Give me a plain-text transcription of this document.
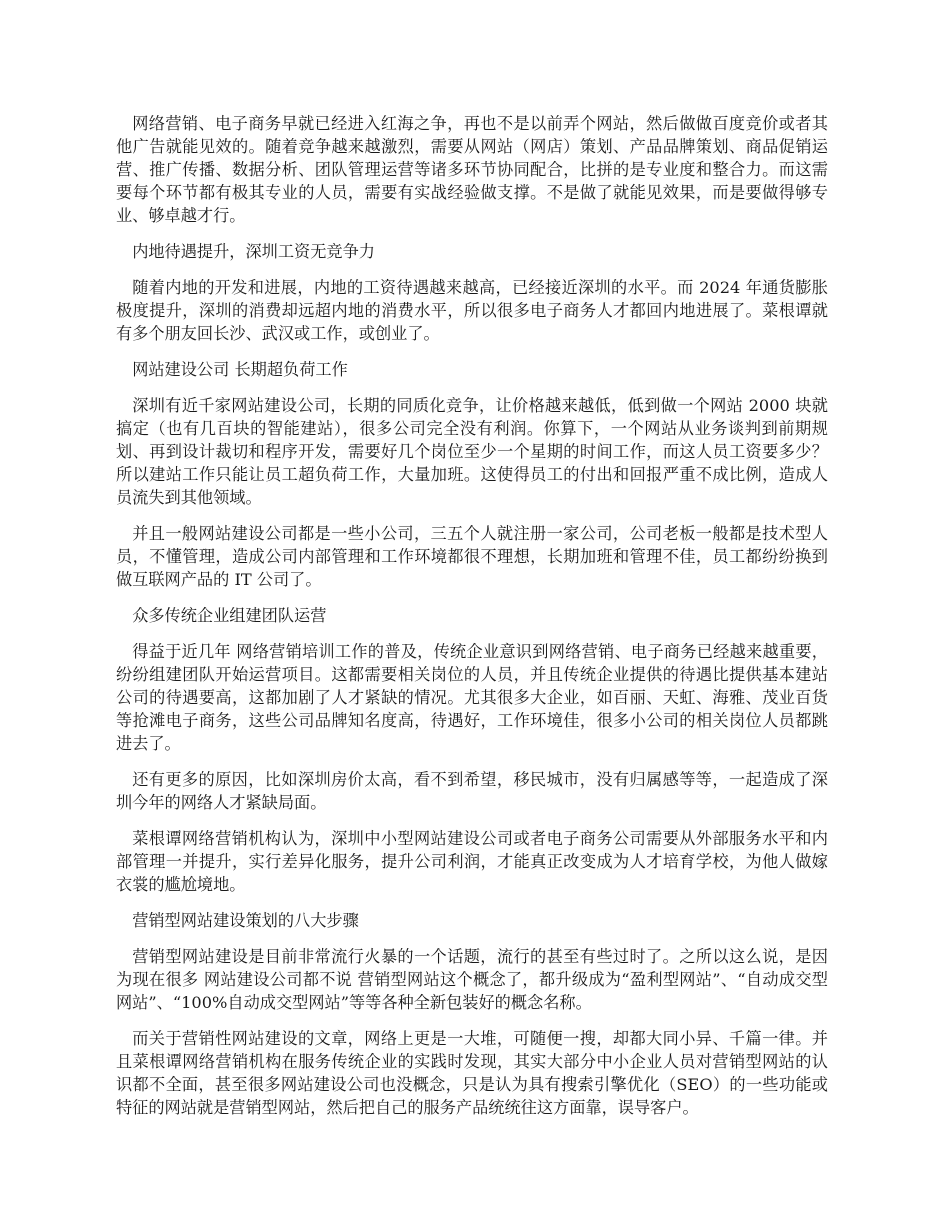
网络营销、电子商务早就已经进入红海之争，再也不是以前弄个网站，然后做做百度竞价或者其他广告就能见效的。随着竞争越来越激烈，需要从网站（网店）策划、产品品牌策划、商品促销运营、推广传播、数据分析、团队管理运营等诸多环节协同配合，比拼的是专业度和整合力。而这需要每个环节都有极其专业的人员，需要有实战经验做支撑。不是做了就能见效果，而是要做得够专业、够卓越才行。

内地待遇提升，深圳工资无竞争力

随着内地的开发和进展，内地的工资待遇越来越高，已经接近深圳的水平。而 2024 年通货膨胀极度提升，深圳的消费却远超内地的消费水平，所以很多电子商务人才都回内地进展了。菜根谭就有多个朋友回长沙、武汉或工作，或创业了。

网站建设公司 长期超负荷工作

深圳有近千家网站建设公司，长期的同质化竞争，让价格越来越低，低到做一个网站 2000 块就搞定（也有几百块的智能建站），很多公司完全没有利润。你算下，一个网站从业务谈判到前期规划、再到设计裁切和程序开发，需要好几个岗位至少一个星期的时间工作，而这人员工资要多少？所以建站工作只能让员工超负荷工作，大量加班。这使得员工的付出和回报严重不成比例，造成人员流失到其他领域。

并且一般网站建设公司都是一些小公司，三五个人就注册一家公司，公司老板一般都是技术型人员，不懂管理，造成公司内部管理和工作环境都很不理想，长期加班和管理不佳，员工都纷纷换到做互联网产品的 IT 公司了。

众多传统企业组建团队运营

得益于近几年 网络营销培训工作的普及，传统企业意识到网络营销、电子商务已经越来越重要，纷纷组建团队开始运营项目。这都需要相关岗位的人员，并且传统企业提供的待遇比提供基本建站公司的待遇要高，这都加剧了人才紧缺的情况。尤其很多大企业，如百丽、天虹、海雅、茂业百货等抢滩电子商务，这些公司品牌知名度高，待遇好，工作环境佳，很多小公司的相关岗位人员都跳进去了。

还有更多的原因，比如深圳房价太高，看不到希望，移民城市，没有归属感等等，一起造成了深圳今年的网络人才紧缺局面。

菜根谭网络营销机构认为，深圳中小型网站建设公司或者电子商务公司需要从外部服务水平和内部管理一并提升，实行差异化服务，提升公司利润，才能真正改变成为人才培育学校，为他人做嫁衣裳的尴尬境地。

营销型网站建设策划的八大步骤

营销型网站建设是目前非常流行火暴的一个话题，流行的甚至有些过时了。之所以这么说，是因为现在很多 网站建设公司都不说 营销型网站这个概念了，都升级成为“盈利型网站”、“自动成交型网站”、“100%自动成交型网站”等等各种全新包装好的概念名称。

而关于营销性网站建设的文章，网络上更是一大堆，可随便一搜，却都大同小异、千篇一律。并且菜根谭网络营销机构在服务传统企业的实践时发现，其实大部分中小企业人员对营销型网站的认识都不全面，甚至很多网站建设公司也没概念，只是认为具有搜索引擎优化（SEO）的一些功能或特征的网站就是营销型网站，然后把自己的服务产品统统往这方面靠，误导客户。
